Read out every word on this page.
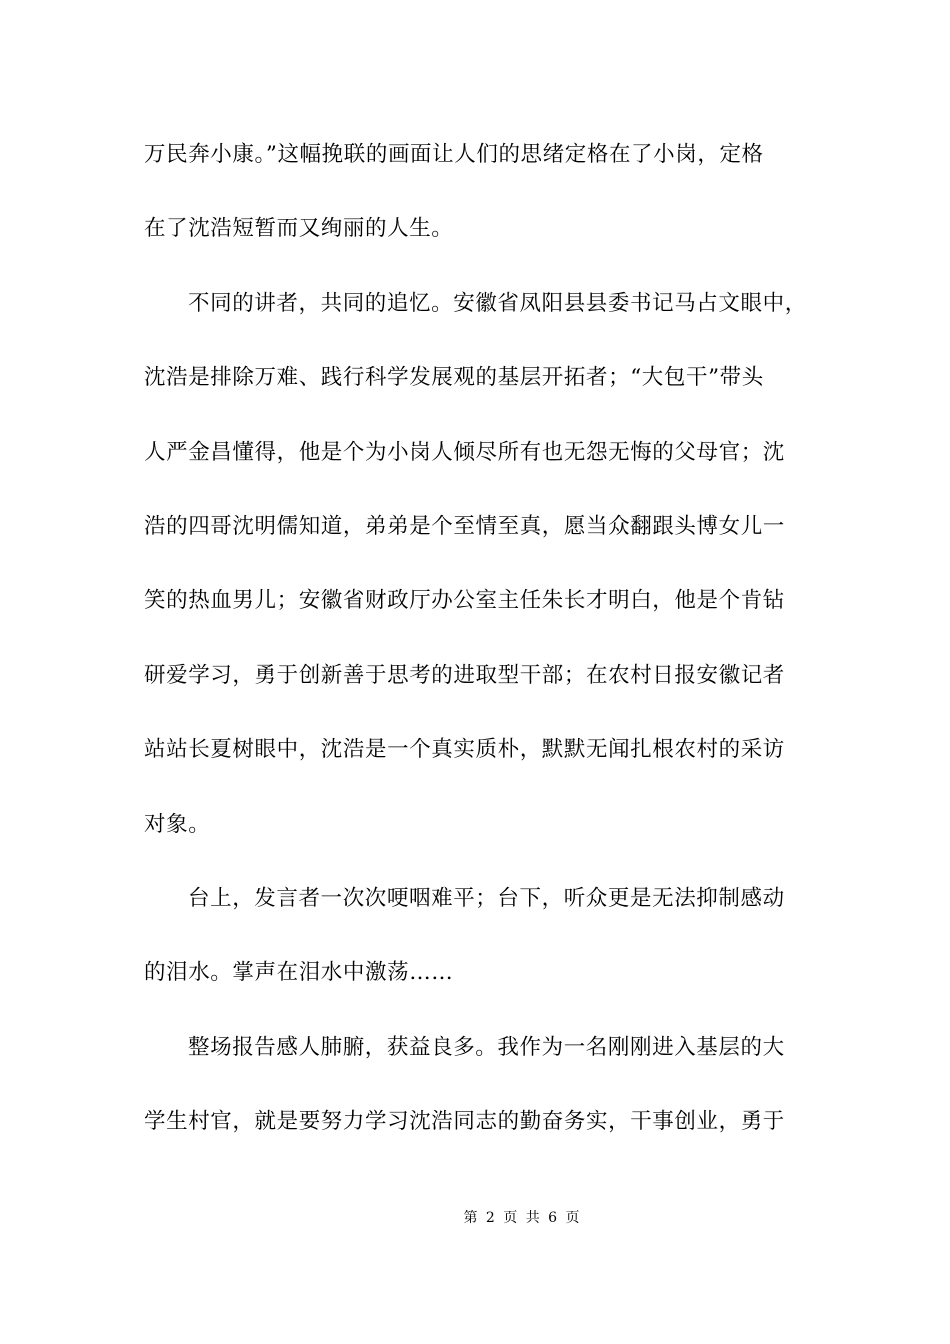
万民奔小康。”这幅挽联的画面让人们的思绪定格在了小岗，定格
在了沈浩短暂而又绚丽的人生。
不同的讲者，共同的追忆。安徽省凤阳县县委书记马占文眼中，
沈浩是排除万难、践行科学发展观的基层开拓者；“大包干”带头
人严金昌懂得，他是个为小岗人倾尽所有也无怨无悔的父母官；沈
浩的四哥沈明儒知道，弟弟是个至情至真，愿当众翻跟头博女儿一
笑的热血男儿；安徽省财政厅办公室主任朱长才明白，他是个肯钻
研爱学习，勇于创新善于思考的进取型干部；在农村日报安徽记者
站站长夏树眼中，沈浩是一个真实质朴，默默无闻扎根农村的采访
对象。
台上，发言者一次次哽咽难平；台下，听众更是无法抑制感动
的泪水。掌声在泪水中激荡……
整场报告感人肺腑，获益良多。我作为一名刚刚进入基层的大
学生村官，就是要努力学习沈浩同志的勤奋务实，干事创业，勇于
第 2 页 共 6 页
